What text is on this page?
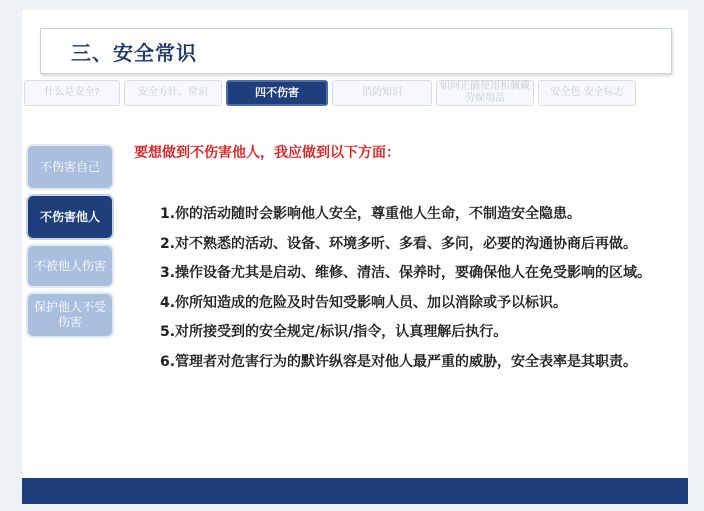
三、安全常识
什么是安全?	安全方针、常识	四不伤害	消防知识
如何正确使用和佩戴劳保用品
安全色 安全标志
不伤害自己
不伤害他人
不被他人伤害
保护他人不受伤害
要想做到不伤害他人，我应做到以下方面：

1.你的活动随时会影响他人安全，尊重他人生命，不制造安全隐患。

2.对不熟悉的活动、设备、环境多听、多看、多问，必要的沟通协商后再做。

3.操作设备尤其是启动、维修、清洁、保养时，要确保他人在免受影响的区域。

4.你所知造成的危险及时告知受影响人员、加以消除或予以标识。

5.对所接受到的安全规定/标识/指令，认真理解后执行。

6.管理者对危害行为的默许纵容是对他人最严重的威胁，安全表率是其职责。
